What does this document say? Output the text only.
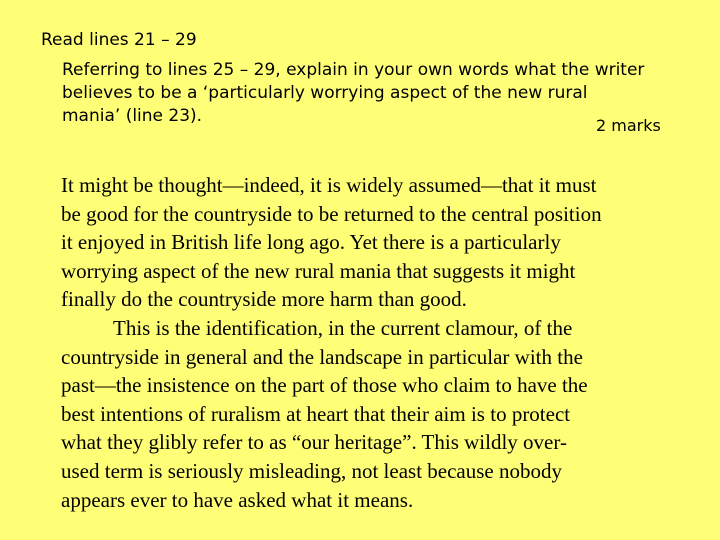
Read lines 21 – 29
Referring to lines 25 – 29, explain in your own words what the writer
believes to be a ‘particularly worrying aspect of the new rural
mania’ (line 23).	2 marks
It might be thought—indeed, it is widely assumed—that it must
be good for the countryside to be returned to the central position
it enjoyed in British life long ago. Yet there is a particularly
worrying aspect of the new rural mania that suggests it might
finally do the countryside more harm than good.
This is the identification, in the current clamour, of the
countryside in general and the landscape in particular with the
past—the insistence on the part of those who claim to have the
best intentions of ruralism at heart that their aim is to protect
what they glibly refer to as “our heritage”. This wildly over-
used term is seriously misleading, not least because nobody
appears ever to have asked what it means.
